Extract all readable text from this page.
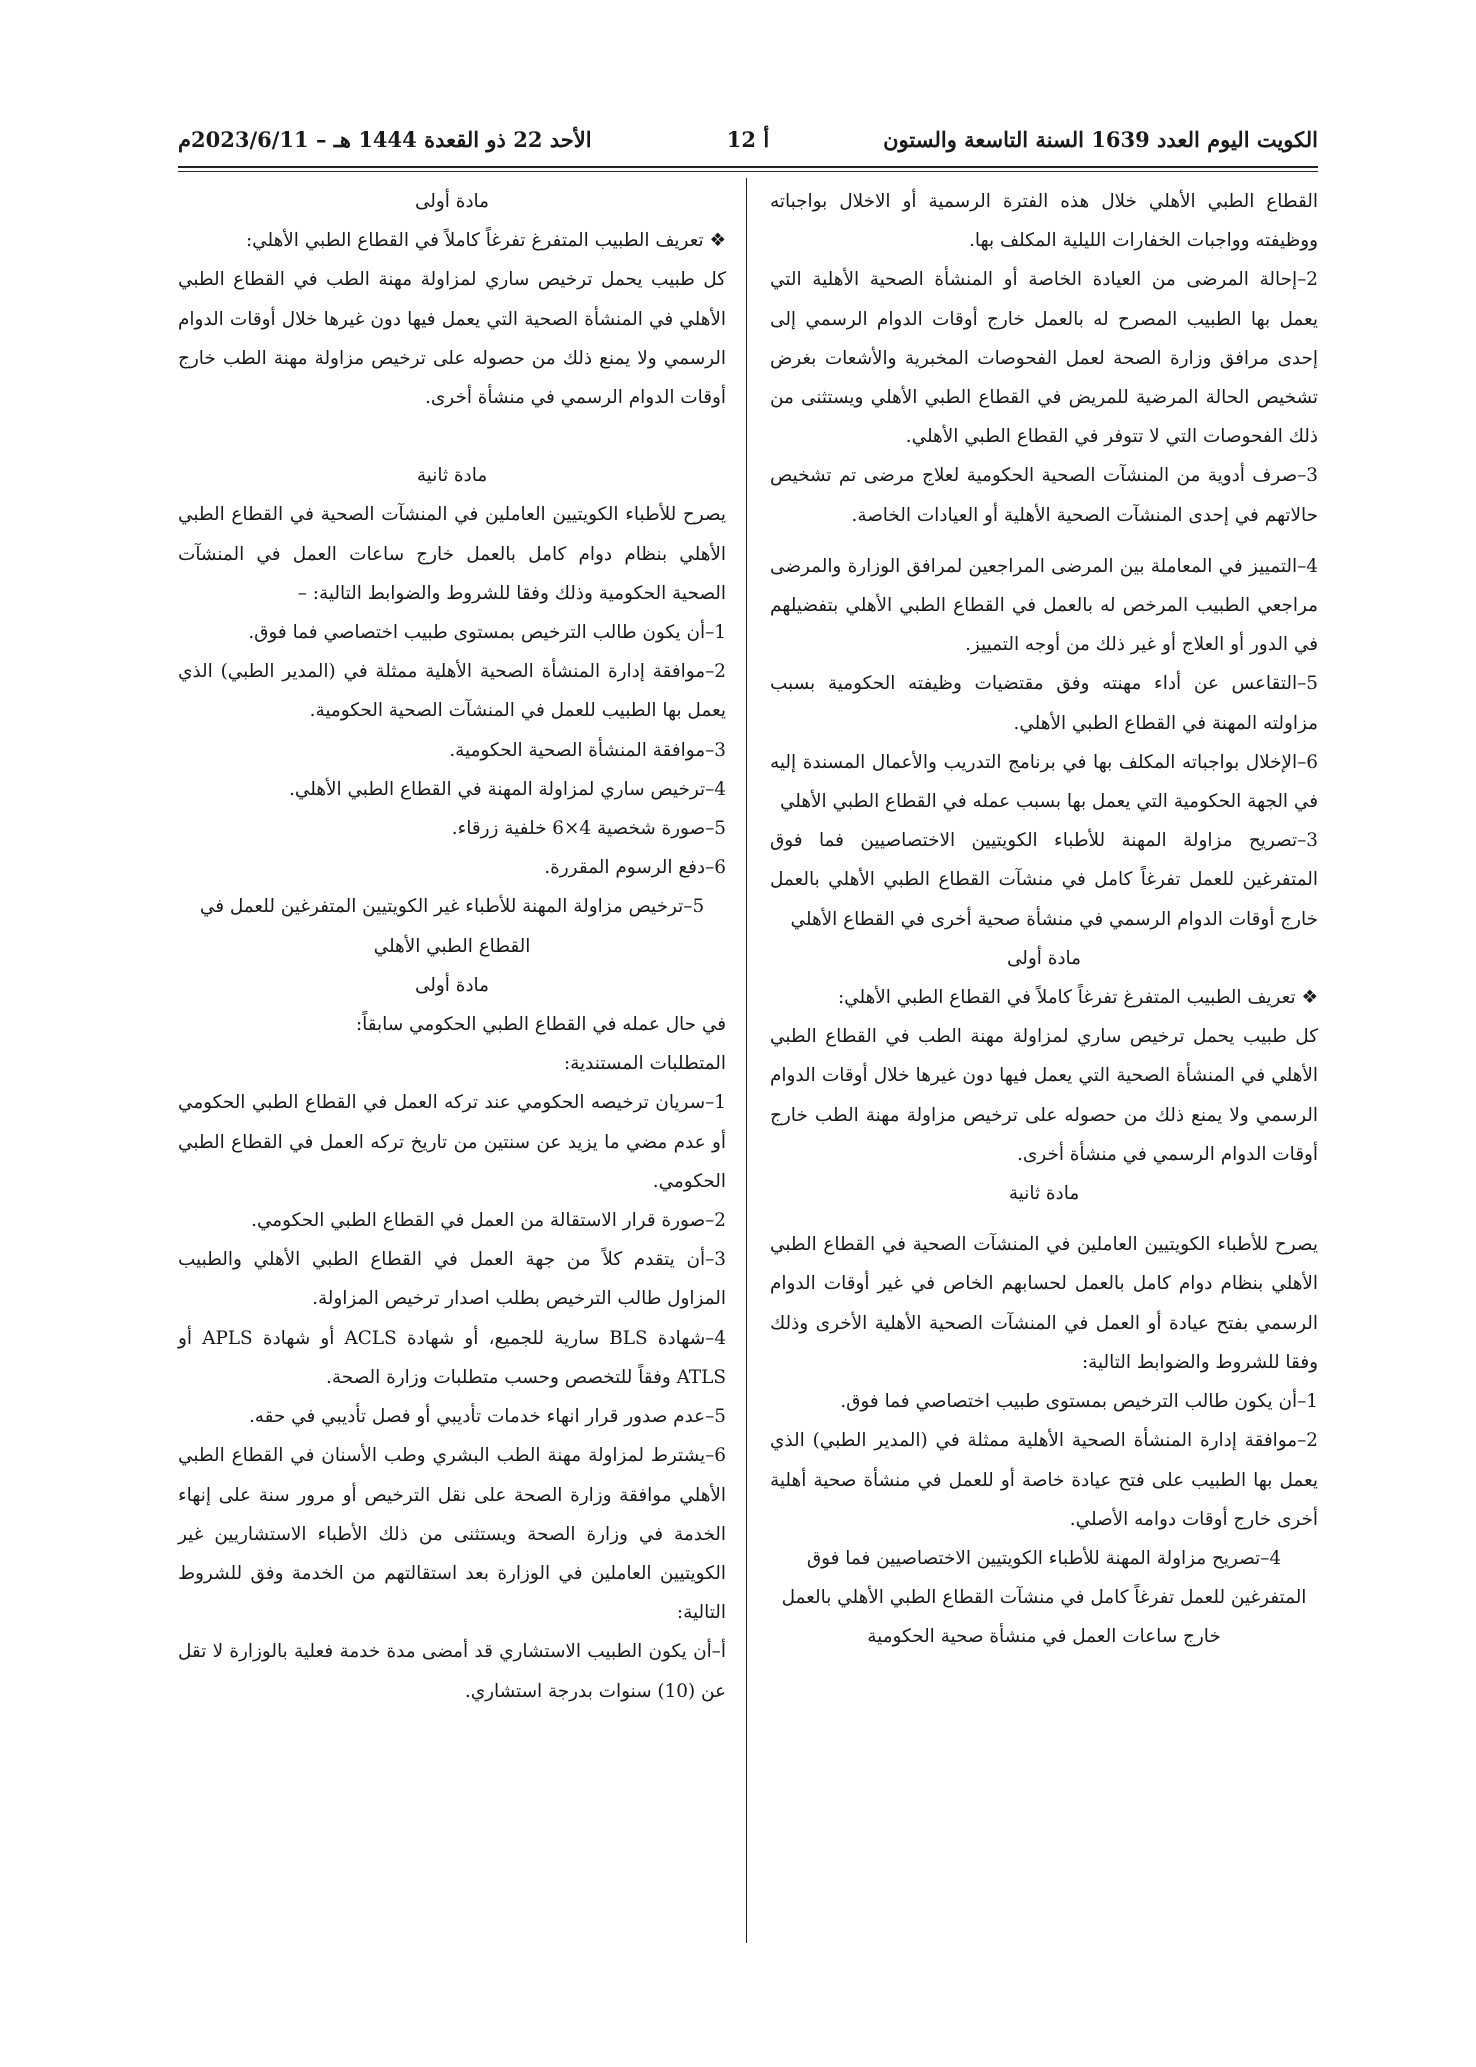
الكويت اليوم العدد 1639 السنة التاسعة والستون
أ 12
الأحد 22 ذو القعدة 1444 هـ – 2023/6/11م

القطاع الطبي الأهلي خلال هذه الفترة الرسمية أو الاخلال بواجباته ووظيفته وواجبات الخفارات الليلية المكلف بها.

2–إحالة المرضى من العيادة الخاصة أو المنشأة الصحية الأهلية التي يعمل بها الطبيب المصرح له بالعمل خارج أوقات الدوام الرسمي إلى إحدى مرافق وزارة الصحة لعمل الفحوصات المخبرية والأشعات بغرض تشخيص الحالة المرضية للمريض في القطاع الطبي الأهلي ويستثنى من ذلك الفحوصات التي لا تتوفر في القطاع الطبي الأهلي.

3–صرف أدوية من المنشآت الصحية الحكومية لعلاج مرضى تم تشخيص حالاتهم في إحدى المنشآت الصحية الأهلية أو العيادات الخاصة.

4–التمييز في المعاملة بين المرضى المراجعين لمرافق الوزارة والمرضى مراجعي الطبيب المرخص له بالعمل في القطاع الطبي الأهلي بتفضيلهم في الدور أو العلاج أو غير ذلك من أوجه التمييز.

5–التقاعس عن أداء مهنته وفق مقتضيات وظيفته الحكومية بسبب مزاولته المهنة في القطاع الطبي الأهلي.

6–الإخلال بواجباته المكلف بها في برنامج التدريب والأعمال المسندة إليه في الجهة الحكومية التي يعمل بها بسبب عمله في القطاع الطبي الأهلي

3–تصريح مزاولة المهنة للأطباء الكويتيين الاختصاصيين فما فوق المتفرغين للعمل تفرغاً كامل في منشآت القطاع الطبي الأهلي بالعمل خارج أوقات الدوام الرسمي في منشأة صحية أخرى في القطاع الأهلي

مادة أولى

❖ تعريف الطبيب المتفرغ تفرغاً كاملاً في القطاع الطبي الأهلي:

كل طبيب يحمل ترخيص ساري لمزاولة مهنة الطب في القطاع الطبي الأهلي في المنشأة الصحية التي يعمل فيها دون غيرها خلال أوقات الدوام الرسمي ولا يمنع ذلك من حصوله على ترخيص مزاولة مهنة الطب خارج أوقات الدوام الرسمي في منشأة أخرى.

مادة ثانية

يصرح للأطباء الكويتيين العاملين في المنشآت الصحية في القطاع الطبي الأهلي بنظام دوام كامل بالعمل لحسابهم الخاص في غير أوقات الدوام الرسمي بفتح عيادة أو العمل في المنشآت الصحية الأهلية الأخرى وذلك وفقا للشروط والضوابط التالية:

1–أن يكون طالب الترخيص بمستوى طبيب اختصاصي فما فوق.

2–موافقة إدارة المنشأة الصحية الأهلية ممثلة في (المدير الطبي) الذي يعمل بها الطبيب على فتح عيادة خاصة أو للعمل في منشأة صحية أهلية أخرى خارج أوقات دوامه الأصلي.

4–تصريح مزاولة المهنة للأطباء الكويتيين الاختصاصيين فما فوق المتفرغين للعمل تفرغاً كامل في منشآت القطاع الطبي الأهلي بالعمل خارج ساعات العمل في منشأة صحية الحكومية

مادة أولى

❖ تعريف الطبيب المتفرغ تفرغاً كاملاً في القطاع الطبي الأهلي:

كل طبيب يحمل ترخيص ساري لمزاولة مهنة الطب في القطاع الطبي الأهلي في المنشأة الصحية التي يعمل فيها دون غيرها خلال أوقات الدوام الرسمي ولا يمنع ذلك من حصوله على ترخيص مزاولة مهنة الطب خارج أوقات الدوام الرسمي في منشأة أخرى.

مادة ثانية

يصرح للأطباء الكويتيين العاملين في المنشآت الصحية في القطاع الطبي الأهلي بنظام دوام كامل بالعمل خارج ساعات العمل في المنشآت الصحية الحكومية وذلك وفقا للشروط والضوابط التالية: –

1–أن يكون طالب الترخيص بمستوى طبيب اختصاصي فما فوق.

2–موافقة إدارة المنشأة الصحية الأهلية ممثلة في (المدير الطبي) الذي يعمل بها الطبيب للعمل في المنشآت الصحية الحكومية.

3–موافقة المنشأة الصحية الحكومية.

4–ترخيص ساري لمزاولة المهنة في القطاع الطبي الأهلي.

5–صورة شخصية 4×6 خلفية زرقاء.

6–دفع الرسوم المقررة.

5–ترخيص مزاولة المهنة للأطباء غير الكويتيين المتفرغين للعمل في القطاع الطبي الأهلي

مادة أولى

في حال عمله في القطاع الطبي الحكومي سابقاً:

المتطلبات المستندية:

1–سريان ترخيصه الحكومي عند تركه العمل في القطاع الطبي الحكومي أو عدم مضي ما يزيد عن سنتين من تاريخ تركه العمل في القطاع الطبي الحكومي.

2–صورة قرار الاستقالة من العمل في القطاع الطبي الحكومي.

3–أن يتقدم كلاً من جهة العمل في القطاع الطبي الأهلي والطبيب المزاول طالب الترخيص بطلب اصدار ترخيص المزاولة.

4–شهادة BLS سارية للجميع، أو شهادة ACLS أو شهادة APLS أو ATLS وفقاً للتخصص وحسب متطلبات وزارة الصحة.

5–عدم صدور قرار انهاء خدمات تأديبي أو فصل تأديبي في حقه.

6–يشترط لمزاولة مهنة الطب البشري وطب الأسنان في القطاع الطبي الأهلي موافقة وزارة الصحة على نقل الترخيص أو مرور سنة على إنهاء الخدمة في وزارة الصحة ويستثنى من ذلك الأطباء الاستشاريين غير الكويتيين العاملين في الوزارة بعد استقالتهم من الخدمة وفق للشروط التالية:

أ–أن يكون الطبيب الاستشاري قد أمضى مدة خدمة فعلية بالوزارة لا تقل عن (10) سنوات بدرجة استشاري.
